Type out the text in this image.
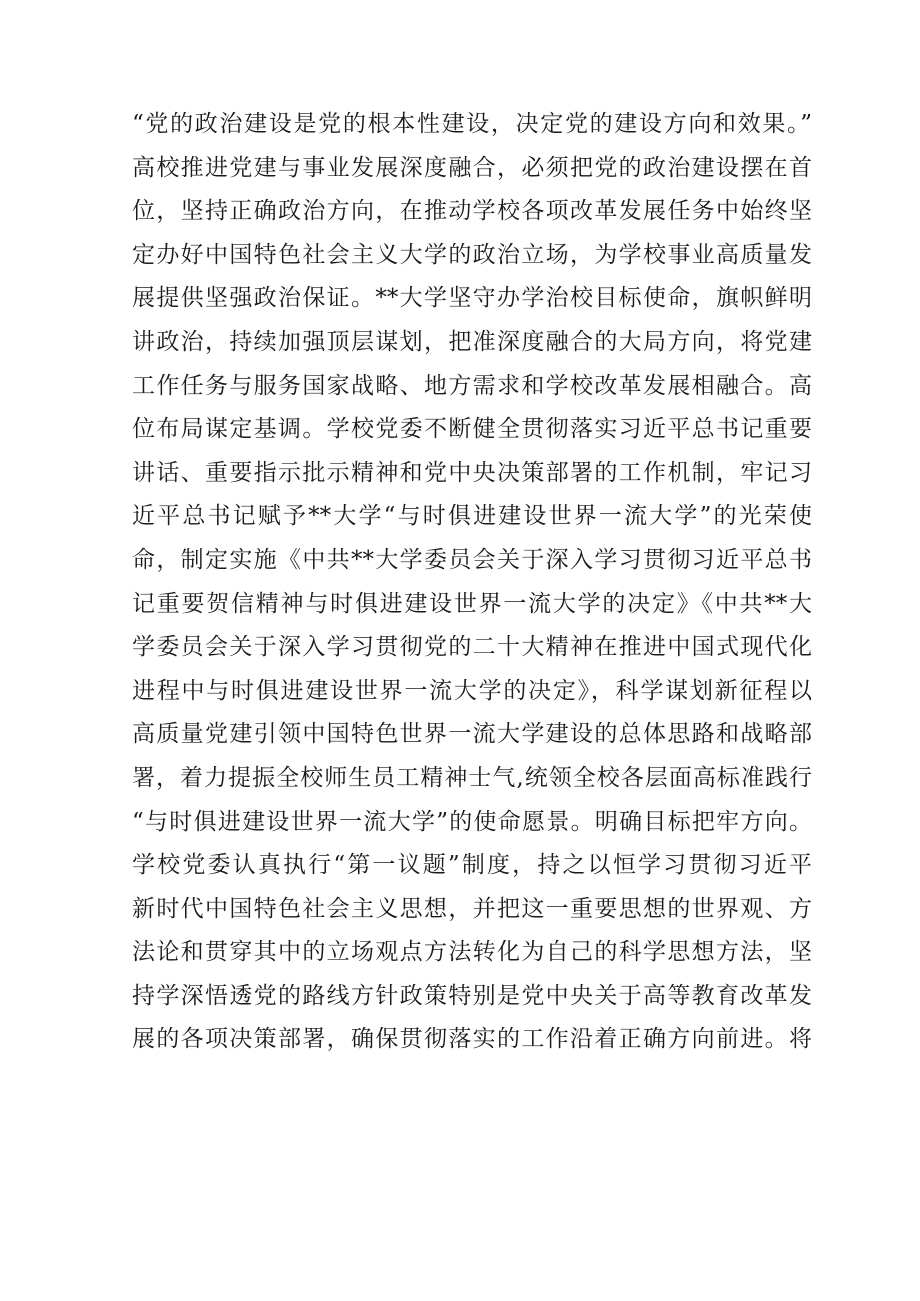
“党的政治建设是党的根本性建设，决定党的建设方向和效果。”
高校推进党建与事业发展深度融合，必须把党的政治建设摆在首
位，坚持正确政治方向，在推动学校各项改革发展任务中始终坚
定办好中国特色社会主义大学的政治立场，为学校事业高质量发
展提供坚强政治保证。**大学坚守办学治校目标使命，旗帜鲜明
讲政治，持续加强顶层谋划，把准深度融合的大局方向，将党建
工作任务与服务国家战略、地方需求和学校改革发展相融合。高
位布局谋定基调。学校党委不断健全贯彻落实习近平总书记重要
讲话、重要指示批示精神和党中央决策部署的工作机制，牢记习
近平总书记赋予**大学“与时俱进建设世界一流大学”的光荣使
命，制定实施《中共**大学委员会关于深入学习贯彻习近平总书
记重要贺信精神与时俱进建设世界一流大学的决定》《中共**大
学委员会关于深入学习贯彻党的二十大精神在推进中国式现代化
进程中与时俱进建设世界一流大学的决定》，科学谋划新征程以
高质量党建引领中国特色世界一流大学建设的总体思路和战略部
署，着力提振全校师生员工精神士气,统领全校各层面高标准践行
“与时俱进建设世界一流大学”的使命愿景。明确目标把牢方向。
学校党委认真执行“第一议题”制度，持之以恒学习贯彻习近平
新时代中国特色社会主义思想，并把这一重要思想的世界观、方
法论和贯穿其中的立场观点方法转化为自己的科学思想方法，坚
持学深悟透党的路线方针政策特别是党中央关于高等教育改革发
展的各项决策部署，确保贯彻落实的工作沿着正确方向前进。将
